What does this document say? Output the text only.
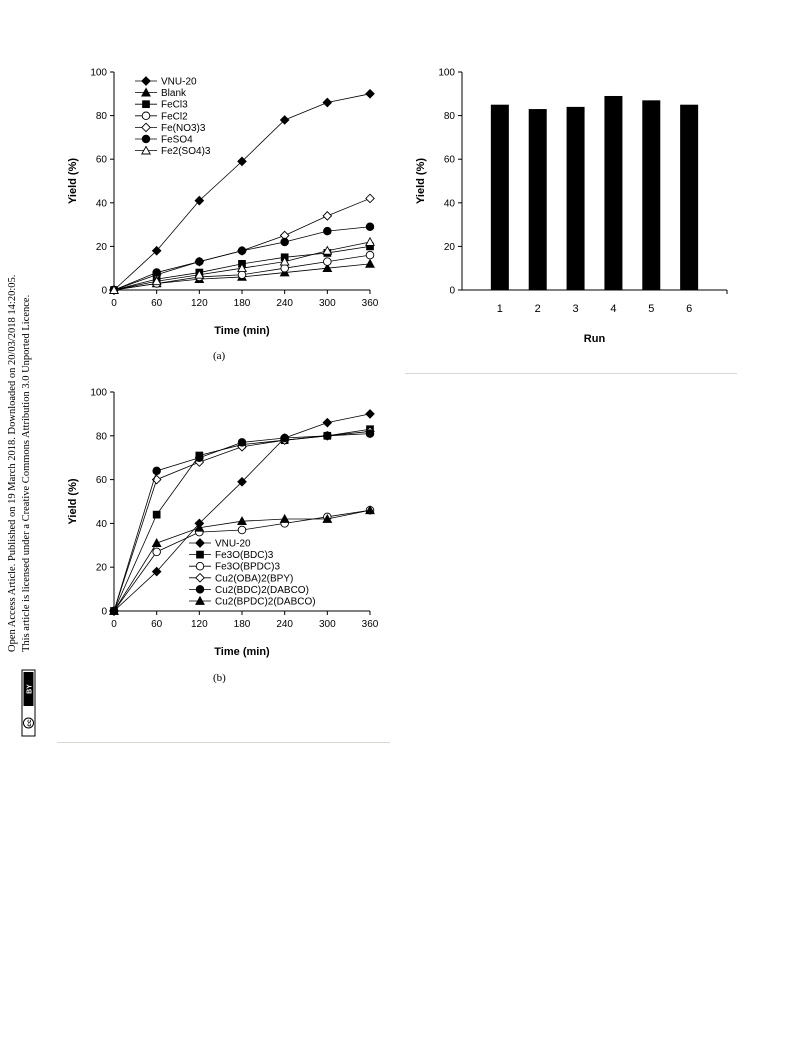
Open Access Article. Published on 19 March 2018. Downloaded on 20/03/2018 14:20:05. This article is licensed under a Creative Commons Attribution 3.0 Unported Licence.
cc
BY
0
20
40
60
80
100
Yield (%)
0	60	120	180	240	300	360
Time (min)
VNU-20
Blank
FeCl3
FeCl2
Fe(NO3)3
FeSO4
Fe2(SO4)3
0
20
40
60
80
100
Yield (%)
1	2	3	4	5	6
Run
0
20
40
60
80
100
Yield (%)
0	60	120	180	240	300	360
Time (min)
VNU-20
Fe3O(BDC)3
Fe3O(BPDC)3
Cu2(OBA)2(BPY)
Cu2(BDC)2(DABCO)
Cu2(BPDC)2(DABCO)
(a)
(b)
